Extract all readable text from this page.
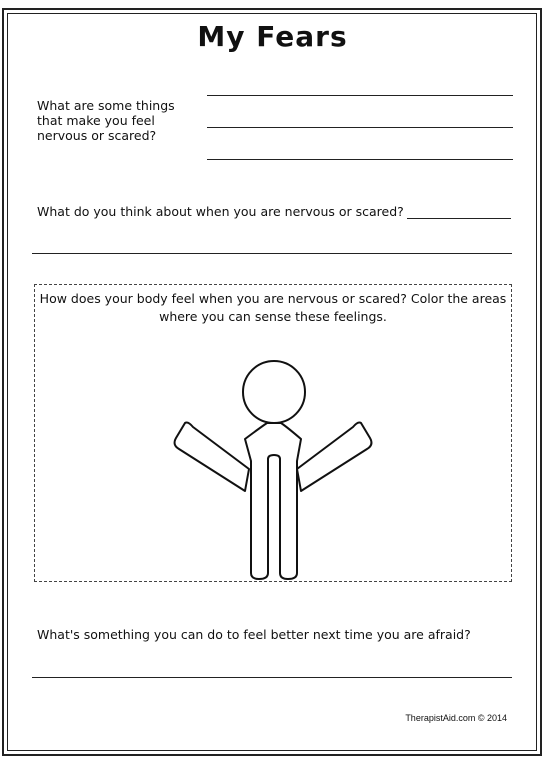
My Fears

What are some things
that make you feel
nervous or scared?

What do you think about when you are nervous or scared?

How does your body feel when you are nervous or scared? Color the areas where you can sense these feelings.

What's something you can do to feel better next time you are afraid?

TherapistAid.com © 2014
